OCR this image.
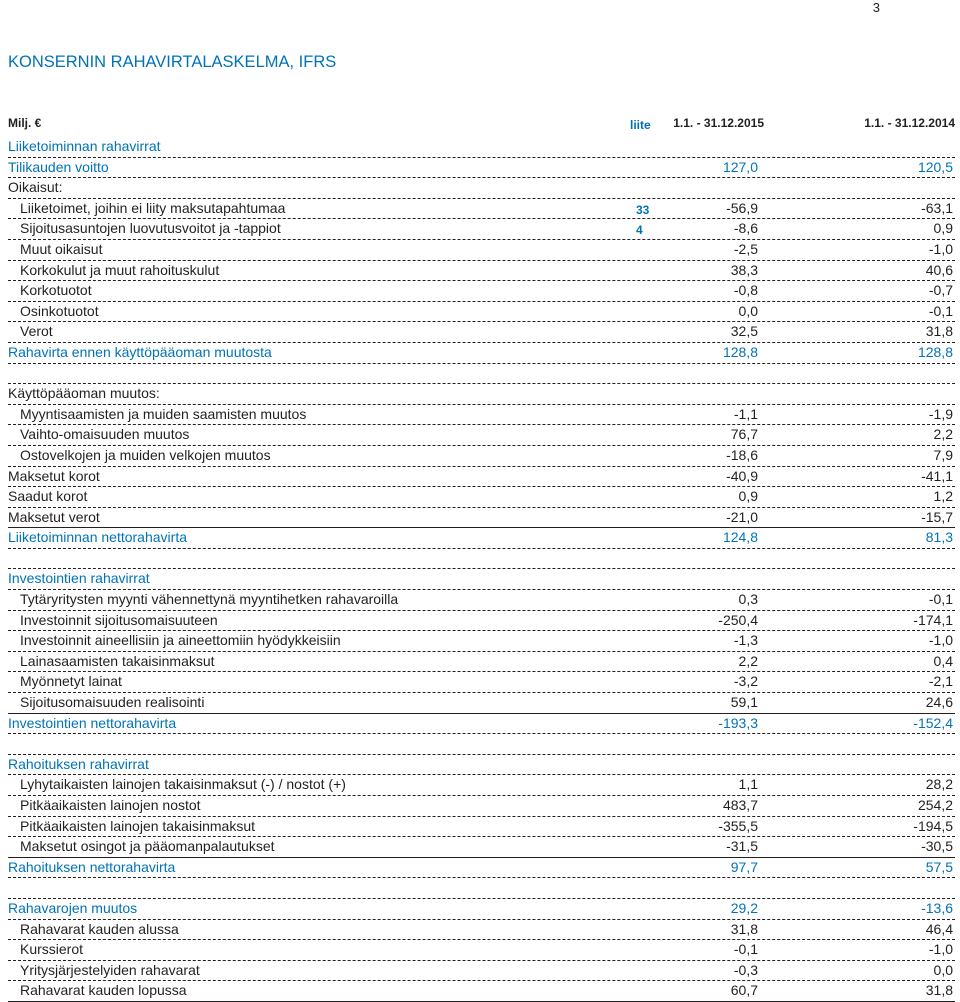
3
KONSERNIN RAHAVIRTALASKELMA, IFRS
Milj. €	liite	1.1. - 31.12.2015	1.1. - 31.12.2014
Liiketoiminnan rahavirrat
Tilikauden voitto	127,0	120,5
Oikaisut:
Liiketoimet, joihin ei liity maksutapahtumaa	33	-56,9	-63,1
Sijoitusasuntojen luovutusvoitot ja -tappiot	4	-8,6	0,9
Muut oikaisut	-2,5	-1,0
Korkokulut ja muut rahoituskulut	38,3	40,6
Korkotuotot	-0,8	-0,7
Osinkotuotot	0,0	-0,1
Verot	32,5	31,8
Rahavirta ennen käyttöpääoman muutosta	128,8	128,8
Käyttöpääoman muutos:
Myyntisaamisten ja muiden saamisten muutos	-1,1	-1,9
Vaihto-omaisuuden muutos	76,7	2,2
Ostovelkojen ja muiden velkojen muutos	-18,6	7,9
Maksetut korot	-40,9	-41,1
Saadut korot	0,9	1,2
Maksetut verot	-21,0	-15,7
Liiketoiminnan nettorahavirta	124,8	81,3
Investointien rahavirrat
Tytäryritysten myynti vähennettynä myyntihetken rahavaroilla	0,3	-0,1
Investoinnit sijoitusomaisuuteen	-250,4	-174,1
Investoinnit aineellisiin ja aineettomiin hyödykkeisiin	-1,3	-1,0
Lainasaamisten takaisinmaksut	2,2	0,4
Myönnetyt lainat	-3,2	-2,1
Sijoitusomaisuuden realisointi	59,1	24,6
Investointien nettorahavirta	-193,3	-152,4
Rahoituksen rahavirrat
Lyhytaikaisten lainojen takaisinmaksut (-) / nostot (+)	1,1	28,2
Pitkäaikaisten lainojen nostot	483,7	254,2
Pitkäaikaisten lainojen takaisinmaksut	-355,5	-194,5
Maksetut osingot ja pääomanpalautukset	-31,5	-30,5
Rahoituksen nettorahavirta	97,7	57,5
Rahavarojen muutos	29,2	-13,6
Rahavarat kauden alussa	31,8	46,4
Kurssierot	-0,1	-1,0
Yritysjärjestelyiden rahavarat	-0,3	0,0
Rahavarat kauden lopussa	60,7	31,8
